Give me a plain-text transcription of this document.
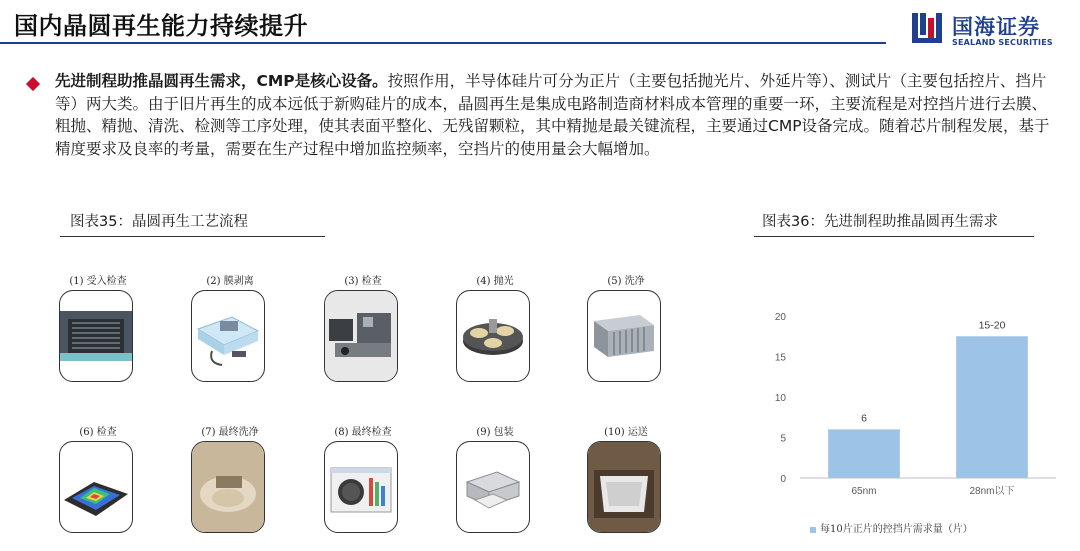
国内晶圆再生能力持续提升	国海证券
SEALAND SECURITIES
先进制程助推晶圆再生需求，CMP是核心设备。按照作用，半导体硅片可分为正片（主要包括抛光片、外延片等）、测试片（主要包括控片、挡片等）两大类。由于旧片再生的成本远低于新购硅片的成本，晶圆再生是集成电路制造商材料成本管理的重要一环，主要流程是对控挡片进行去膜、粗抛、精抛、清洗、检测等工序处理，使其表面平整化、无残留颗粒，其中精抛是最关键流程，主要通过CMP设备完成。随着芯片制程发展，基于精度要求及良率的考量，需要在生产过程中增加监控频率，空挡片的使用量会大幅增加。
图表35：晶圆再生工艺流程	图表36：先进制程助推晶圆再生需求
(1) 受入检查	(2) 膜剥离	(3) 检查	(4) 抛光	(5) 洗净
(6) 检查	(7) 最终洗净	(8) 最终检查	(9) 包装	(10) 运送
0
5
10
15
20
6
65nm
15-20
28nm以下
每10片正片的控挡片需求量（片）
